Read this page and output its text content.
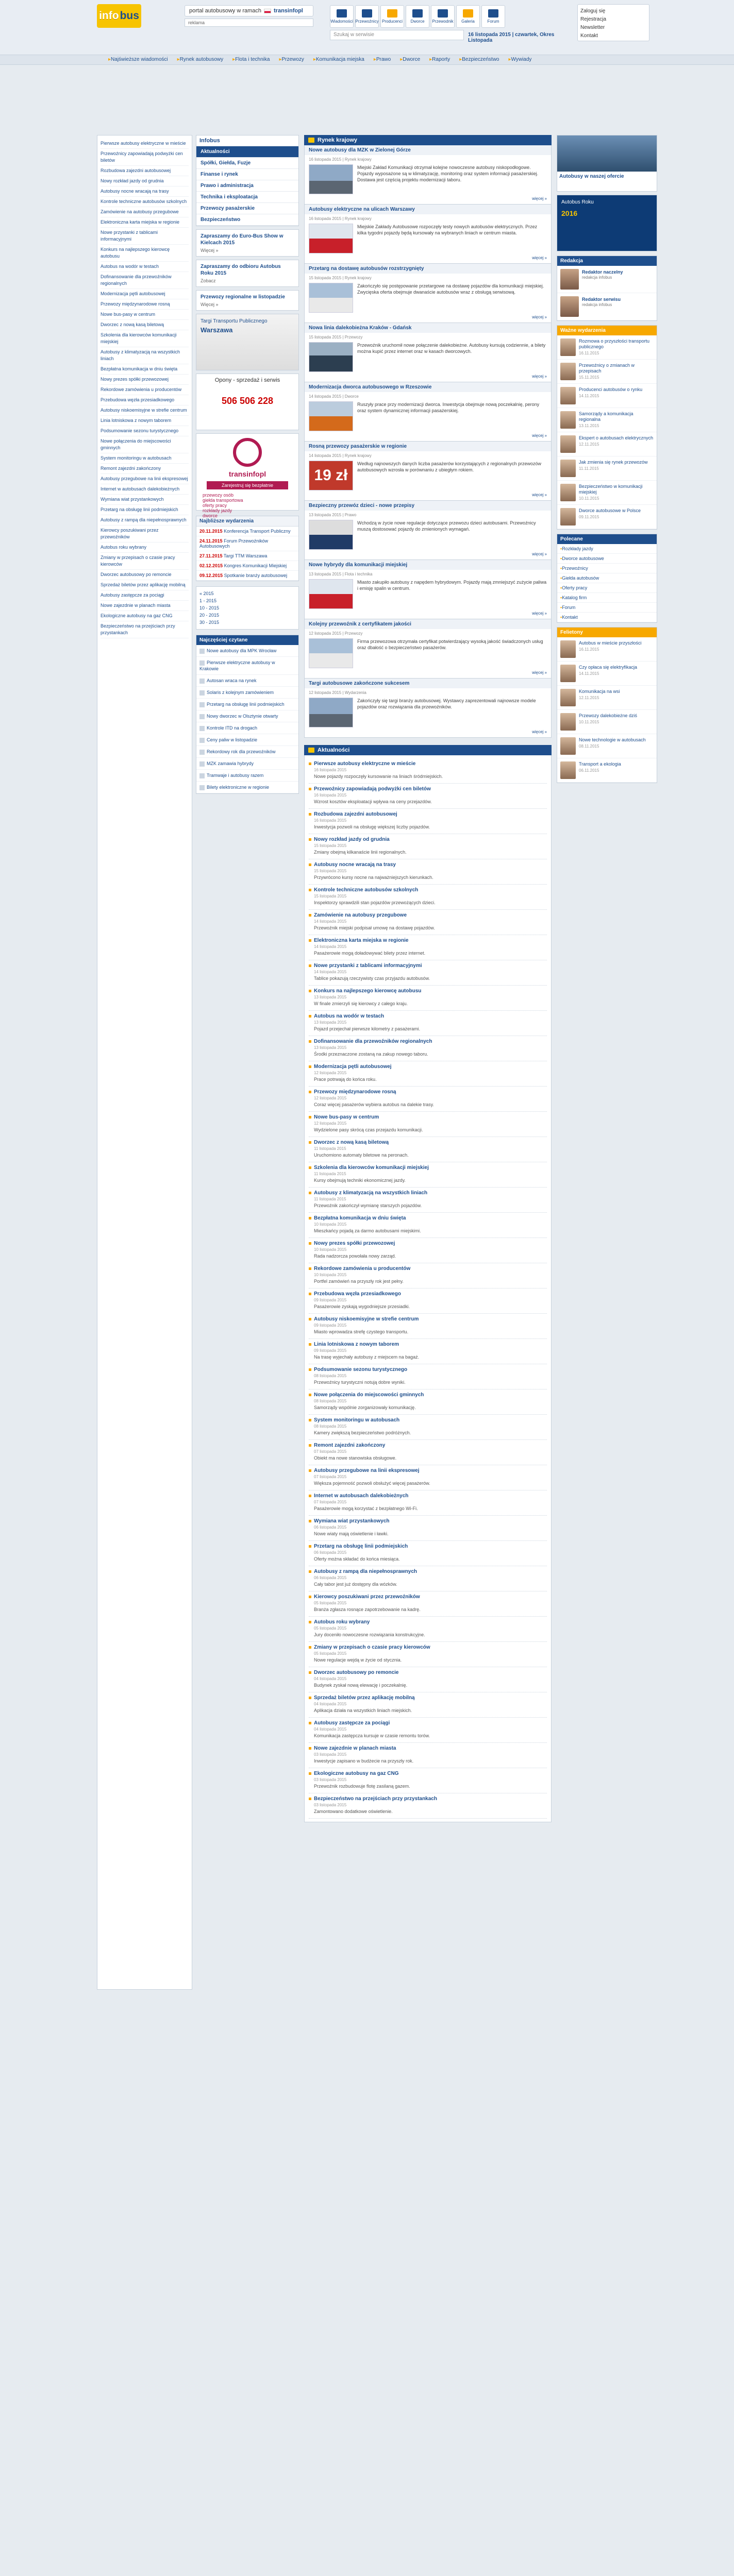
info bus	portal autobusowy w ramach transinfopl
reklama	Wiadomości Przewoźnicy Producenci Dworce Przewodnik Galeria	Forum
Szukaj w serwisie	16 listopada 2015 | czwartek, Okres Listopada
Zaloguj się
Rejestracja
Newsletter
Kontakt
▸ Najświeższe wiadomości	▸ Rynek autobusowy	▸ Flota i technika	▸ Przewozy	▸ Komunikacja miejska	▸ Prawo	▸ Dworce	▸ Raporty	▸ Bezpieczeństwo	▸ Wywiady
Pierwsze autobusy elektryczne w mieście
Przewoźnicy zapowiadają podwyżki cen biletów
Rozbudowa zajezdni autobusowej
Nowy rozkład jazdy od grudnia
Autobusy nocne wracają na trasy
Kontrole techniczne autobusów szkolnych
Zamówienie na autobusy przegubowe
Elektroniczna karta miejska w regionie
Nowe przystanki z tablicami informacyjnymi
Konkurs na najlepszego kierowcę autobusu
Autobus na wodór w testach
Dofinansowanie dla przewoźników regionalnych
Modernizacja pętli autobusowej
Przewozy międzynarodowe rosną
Nowe bus-pasy w centrum
Dworzec z nową kasą biletową
Szkolenia dla kierowców komunikacji miejskiej
Autobusy z klimatyzacją na wszystkich liniach
Bezpłatna komunikacja w dniu święta
Nowy prezes spółki przewozowej
Rekordowe zamówienia u producentów
Przebudowa węzła przesiadkowego
Autobusy niskoemisyjne w strefie centrum
Linia lotniskowa z nowym taborem
Podsumowanie sezonu turystycznego
Nowe połączenia do miejscowości gminnych
System monitoringu w autobusach
Remont zajezdni zakończony
Autobusy przegubowe na linii ekspresowej
Internet w autobusach dalekobieżnych
Wymiana wiat przystankowych
Przetarg na obsługę linii podmiejskich
Autobusy z rampą dla niepełnosprawnych
Kierowcy poszukiwani przez przewoźników
Autobus roku wybrany
Zmiany w przepisach o czasie pracy kierowców
Dworzec autobusowy po remoncie
Sprzedaż biletów przez aplikację mobilną
Autobusy zastępcze za pociągi
Nowe zajezdnie w planach miasta
Ekologiczne autobusy na gaz CNG
Bezpieczeństwo na przejściach przy przystankach
Infobus
Aktualności
Spółki, Giełda, Fuzje
Finanse i rynek
Prawo i administracja
Technika i eksploatacja
Przewozy pasażerskie
Bezpieczeństwo
Zapraszamy do Euro-Bus Show w Kielcach 2015
Więcej »
Zapraszamy do odbioru Autobus Roku 2015
Zobacz
Przewozy regionalne w listopadzie
Więcej »
Targi Transportu Publicznego
Warszawa
Opony - sprzedaż i serwis
506 506 228
transinfopl
Zarejestruj się bezpłatnie
przewozy osób
giełda transportowa
oferty pracy
rozkłady jazdy
dworce
Najbliższe wydarzenia
20.11.2015 Konferencja Transport Publiczny
24.11.2015 Forum Przewoźników Autobusowych
27.11.2015 Targi TTM Warszawa
02.12.2015 Kongres Komunikacji Miejskiej
09.12.2015 Spotkanie branży autobusowej
« 2015
1 - 2015
10 - 2015
20 - 2015
30 - 2015
Najczęściej czytane
Nowe autobusy dla MPK Wrocław
Pierwsze elektryczne autobusy w Krakowie
Autosan wraca na rynek
Solaris z kolejnym zamówieniem
Przetarg na obsługę linii podmiejskich
Nowy dworzec w Olsztynie otwarty
Kontrole ITD na drogach
Ceny paliw w listopadzie
Rekordowy rok dla przewoźników
MZK zamawia hybrydy
Tramwaje i autobusy razem
Bilety elektroniczne w regionie
Rynek krajowy
Nowe autobusy dla MZK w Zielonej Górze
16 listopada 2015 | Rynek krajowy
Miejski Zakład Komunikacji otrzymał kolejne nowoczesne autobusy niskopodłogowe. Pojazdy wyposażone są w klimatyzację, monitoring oraz system informacji pasażerskiej. Dostawa jest częścią projektu modernizacji taboru.
więcej »
Autobusy elektryczne na ulicach Warszawy
16 listopada 2015 | Rynek krajowy
Miejskie Zakłady Autobusowe rozpoczęły testy nowych autobusów elektrycznych. Przez kilka tygodni pojazdy będą kursowały na wybranych liniach w centrum miasta.
więcej »
Przetarg na dostawę autobusów rozstrzygnięty
15 listopada 2015 | Rynek krajowy
Zakończyło się postępowanie przetargowe na dostawę pojazdów dla komunikacji miejskiej. Zwycięska oferta obejmuje dwanaście autobusów wraz z obsługą serwisową.
więcej »
Nowa linia dalekobieżna Kraków - Gdańsk
15 listopada 2015 | Przewozy
Przewoźnik uruchomił nowe połączenie dalekobieżne. Autobusy kursują codziennie, a bilety można kupić przez internet oraz w kasach dworcowych.
więcej »
Modernizacja dworca autobusowego w Rzeszowie
14 listopada 2015 | Dworce
Ruszyły prace przy modernizacji dworca. Inwestycja obejmuje nową poczekalnię, perony oraz system dynamicznej informacji pasażerskiej.
więcej »
Rosną przewozy pasażerskie w regionie
14 listopada 2015 | Rynek krajowy
19 zł
Według najnowszych danych liczba pasażerów korzystających z regionalnych przewozów autobusowych wzrosła w porównaniu z ubiegłym rokiem.
więcej »
Bezpieczny przewóz dzieci - nowe przepisy
13 listopada 2015 | Prawo
Wchodzą w życie nowe regulacje dotyczące przewozu dzieci autobusami. Przewoźnicy muszą dostosować pojazdy do zmienionych wymagań.
więcej »
Nowe hybrydy dla komunikacji miejskiej
13 listopada 2015 | Flota i technika
Miasto zakupiło autobusy z napędem hybrydowym. Pojazdy mają zmniejszyć zużycie paliwa i emisję spalin w centrum.
więcej »
Kolejny przewoźnik z certyfikatem jakości
12 listopada 2015 | Przewozy
Firma przewozowa otrzymała certyfikat potwierdzający wysoką jakość świadczonych usług oraz dbałość o bezpieczeństwo pasażerów.
więcej »
Targi autobusowe zakończone sukcesem
12 listopada 2015 | Wydarzenia
Zakończyły się targi branży autobusowej. Wystawcy zaprezentowali najnowsze modele pojazdów oraz rozwiązania dla przewoźników.
więcej »
Aktualności
Pierwsze autobusy elektryczne w mieście
16 listopada 2015
Nowe pojazdy rozpoczęły kursowanie na liniach śródmiejskich.
Przewoźnicy zapowiadają podwyżki cen biletów
16 listopada 2015
Wzrost kosztów eksploatacji wpływa na ceny przejazdów.
Rozbudowa zajezdni autobusowej
16 listopada 2015
Inwestycja pozwoli na obsługę większej liczby pojazdów.
Nowy rozkład jazdy od grudnia
15 listopada 2015
Zmiany obejmą kilkanaście linii regionalnych.
Autobusy nocne wracają na trasy
15 listopada 2015
Przywrócono kursy nocne na najważniejszych kierunkach.
Kontrole techniczne autobusów szkolnych
15 listopada 2015
Inspektorzy sprawdzili stan pojazdów przewożących dzieci.
Zamówienie na autobusy przegubowe
14 listopada 2015
Przewoźnik miejski podpisał umowę na dostawę pojazdów.
Elektroniczna karta miejska w regionie
14 listopada 2015
Pasażerowie mogą doładowywać bilety przez internet.
Nowe przystanki z tablicami informacyjnymi
14 listopada 2015
Tablice pokazują rzeczywisty czas przyjazdu autobusów.
Konkurs na najlepszego kierowcę autobusu
13 listopada 2015
W finale zmierzyli się kierowcy z całego kraju.
Autobus na wodór w testach
13 listopada 2015
Pojazd przejechał pierwsze kilometry z pasażerami.
Dofinansowanie dla przewoźników regionalnych
13 listopada 2015
Środki przeznaczone zostaną na zakup nowego taboru.
Modernizacja pętli autobusowej
12 listopada 2015
Prace potrwają do końca roku.
Przewozy międzynarodowe rosną
12 listopada 2015
Coraz więcej pasażerów wybiera autobus na dalekie trasy.
Nowe bus-pasy w centrum
12 listopada 2015
Wydzielone pasy skrócą czas przejazdu komunikacji.
Dworzec z nową kasą biletową
11 listopada 2015
Uruchomiono automaty biletowe na peronach.
Szkolenia dla kierowców komunikacji miejskiej
11 listopada 2015
Kursy obejmują techniki ekonomicznej jazdy.
Autobusy z klimatyzacją na wszystkich liniach
11 listopada 2015
Przewoźnik zakończył wymianę starszych pojazdów.
Bezpłatna komunikacja w dniu święta
10 listopada 2015
Mieszkańcy pojadą za darmo autobusami miejskimi.
Nowy prezes spółki przewozowej
10 listopada 2015
Rada nadzorcza powołała nowy zarząd.
Rekordowe zamówienia u producentów
10 listopada 2015
Portfel zamówień na przyszły rok jest pełny.
Przebudowa węzła przesiadkowego
09 listopada 2015
Pasażerowie zyskają wygodniejsze przesiadki.
Autobusy niskoemisyjne w strefie centrum
09 listopada 2015
Miasto wprowadza strefę czystego transportu.
Linia lotniskowa z nowym taborem
09 listopada 2015
Na trasę wyjechały autobusy z miejscem na bagaż.
Podsumowanie sezonu turystycznego
08 listopada 2015
Przewoźnicy turystyczni notują dobre wyniki.
Nowe połączenia do miejscowości gminnych
08 listopada 2015
Samorządy wspólnie zorganizowały komunikację.
System monitoringu w autobusach
08 listopada 2015
Kamery zwiększą bezpieczeństwo podróżnych.
Remont zajezdni zakończony
07 listopada 2015
Obiekt ma nowe stanowiska obsługowe.
Autobusy przegubowe na linii ekspresowej
07 listopada 2015
Większa pojemność pozwoli obsłużyć więcej pasażerów.
Internet w autobusach dalekobieżnych
07 listopada 2015
Pasażerowie mogą korzystać z bezpłatnego Wi-Fi.
Wymiana wiat przystankowych
06 listopada 2015
Nowe wiaty mają oświetlenie i ławki.
Przetarg na obsługę linii podmiejskich
06 listopada 2015
Oferty można składać do końca miesiąca.
Autobusy z rampą dla niepełnosprawnych
06 listopada 2015
Cały tabor jest już dostępny dla wózków.
Kierowcy poszukiwani przez przewoźników
05 listopada 2015
Branża zgłasza rosnące zapotrzebowanie na kadrę.
Autobus roku wybrany
05 listopada 2015
Jury doceniło nowoczesne rozwiązania konstrukcyjne.
Zmiany w przepisach o czasie pracy kierowców
05 listopada 2015
Nowe regulacje wejdą w życie od stycznia.
Dworzec autobusowy po remoncie
04 listopada 2015
Budynek zyskał nową elewację i poczekalnię.
Sprzedaż biletów przez aplikację mobilną
04 listopada 2015
Aplikacja działa na wszystkich liniach miejskich.
Autobusy zastępcze za pociągi
04 listopada 2015
Komunikacja zastępcza kursuje w czasie remontu torów.
Nowe zajezdnie w planach miasta
03 listopada 2015
Inwestycje zapisano w budżecie na przyszły rok.
Ekologiczne autobusy na gaz CNG
03 listopada 2015
Przewoźnik rozbudowuje flotę zasilaną gazem.
Bezpieczeństwo na przejściach przy przystankach
03 listopada 2015
Zamontowano dodatkowe oświetlenie.
Autobusy w naszej ofercie
Autobus Roku
2016
Redakcja
Redaktor naczelny
redakcja infobus
Redaktor serwisu
redakcja infobus
Ważne wydarzenia
Rozmowa o przyszłości transportu publicznego
16.11.2015
Przewoźnicy o zmianach w przepisach
15.11.2015
Producenci autobusów o rynku
14.11.2015
Samorządy a komunikacja regionalna
13.11.2015
Ekspert o autobusach elektrycznych
12.11.2015
Jak zmienia się rynek przewozów
11.11.2015
Bezpieczeństwo w komunikacji miejskiej
10.11.2015
Dworce autobusowe w Polsce
09.11.2015
Polecane
▪ Rozkłady jazdy
▪ Dworce autobusowe
▪ Przewoźnicy
▪ Giełda autobusów
▪ Oferty pracy
▪ Katalog firm
▪ Forum
▪ Kontakt
Felietony
Autobus w mieście przyszłości
16.11.2015
Czy opłaca się elektryfikacja
14.11.2015
Komunikacja na wsi
12.11.2015
Przewozy dalekobieżne dziś
10.11.2015
Nowe technologie w autobusach
08.11.2015
Transport a ekologia
06.11.2015
